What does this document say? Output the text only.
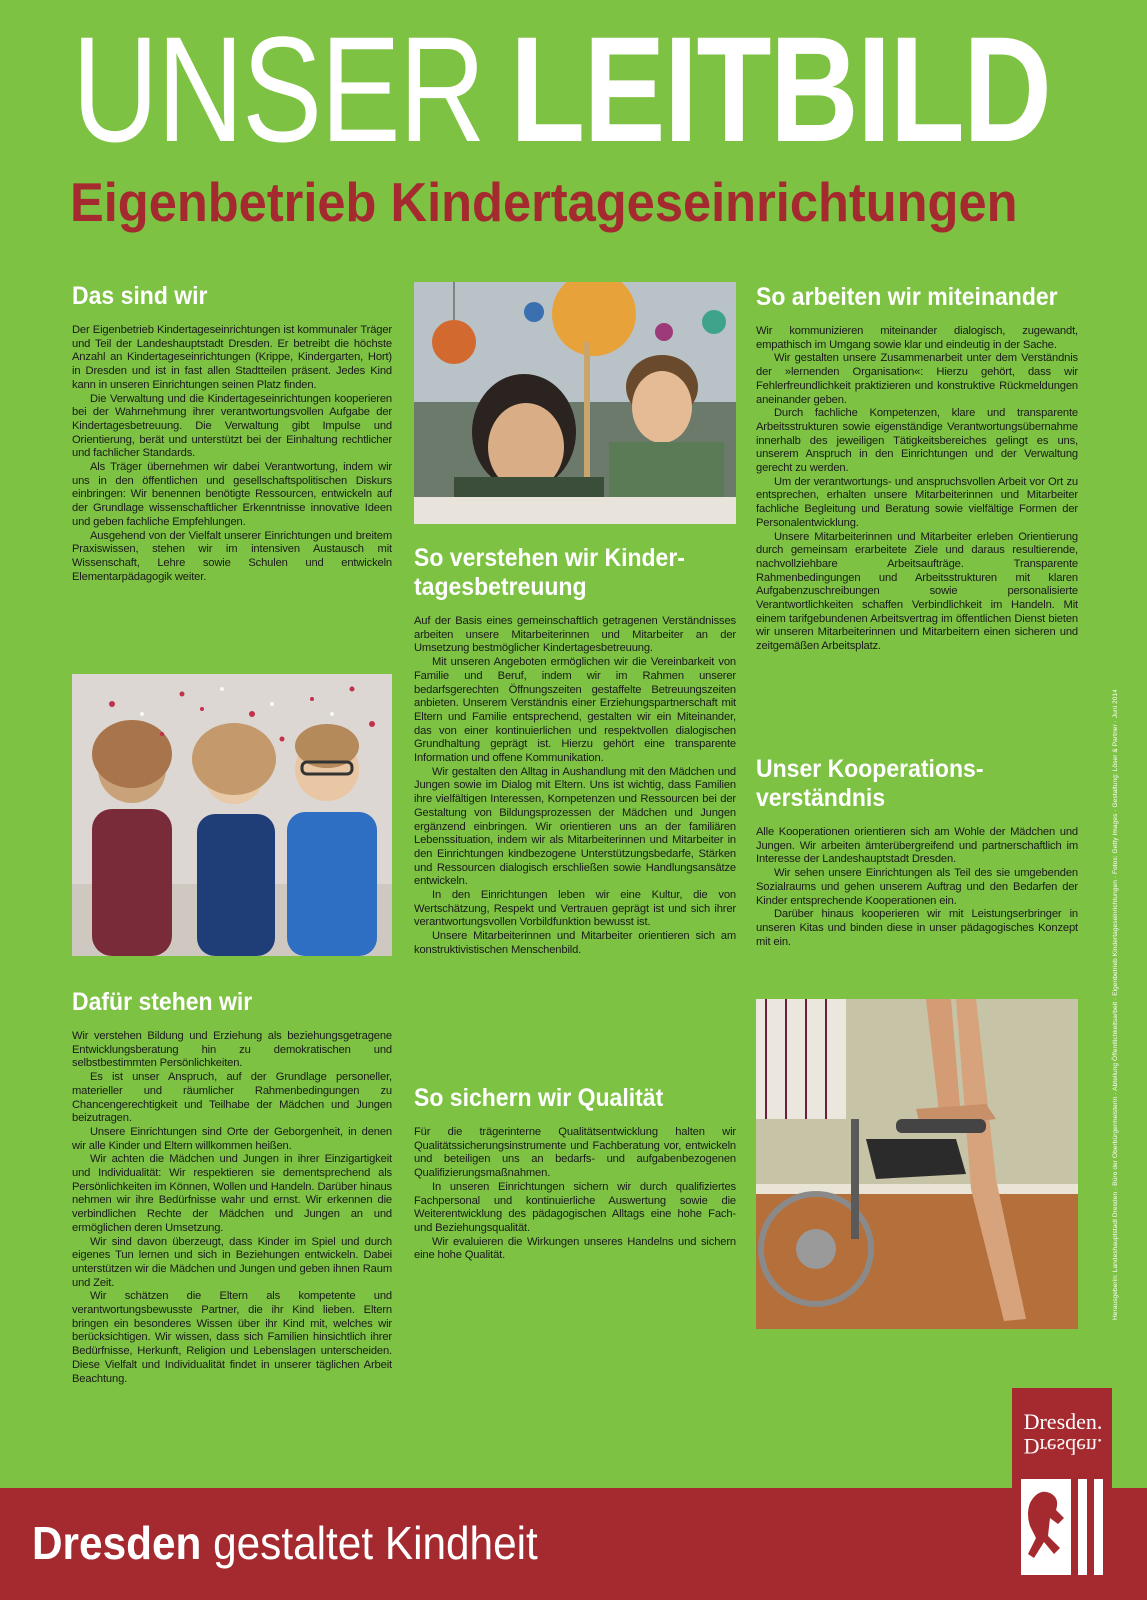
UNSER LEITBILD
Eigenbetrieb Kindertageseinrichtungen
Das sind wir

Der Eigenbetrieb Kindertageseinrichtungen ist kommunaler Träger und Teil der Landeshauptstadt Dresden. Er betreibt die höchste Anzahl an Kindertageseinrichtungen (Krippe, Kindergarten, Hort) in Dresden und ist in fast allen Stadtteilen präsent. Jedes Kind kann in unseren Einrichtungen seinen Platz finden.

Die Verwaltung und die Kindertageseinrichtungen kooperieren bei der Wahrnehmung ihrer verantwortungsvollen Aufgabe der Kindertagesbetreuung. Die Verwaltung gibt Impulse und Orientierung, berät und unterstützt bei der Einhaltung rechtlicher und fachlicher Standards.

Als Träger übernehmen wir dabei Verantwortung, indem wir uns in den öffentlichen und gesellschaftspolitischen Diskurs einbringen: Wir benennen benötigte Ressourcen, entwickeln auf der Grundlage wissenschaftlicher Erkenntnisse innovative Ideen und geben fachliche Empfehlungen.

Ausgehend von der Vielfalt unserer Einrichtungen und breitem Praxiswissen, stehen wir im intensiven Austausch mit Wissenschaft, Lehre sowie Schulen und entwickeln Elementarpädagogik weiter.

Dafür stehen wir

Wir verstehen Bildung und Erziehung als beziehungsgetragene Entwicklungsberatung hin zu demokratischen und selbstbestimmten Persönlichkeiten.

Es ist unser Anspruch, auf der Grundlage personeller, materieller und räumlicher Rahmenbedingungen zu Chancengerechtigkeit und Teilhabe der Mädchen und Jungen beizutragen.

Unsere Einrichtungen sind Orte der Geborgenheit, in denen wir alle Kinder und Eltern willkommen heißen.

Wir achten die Mädchen und Jungen in ihrer Einzigartigkeit und Individualität: Wir respektieren sie dementsprechend als Persönlichkeiten im Können, Wollen und Handeln. Darüber hinaus nehmen wir ihre Bedürfnisse wahr und ernst. Wir erkennen die verbindlichen Rechte der Mädchen und Jungen an und ermöglichen deren Umsetzung.

Wir sind davon überzeugt, dass Kinder im Spiel und durch eigenes Tun lernen und sich in Beziehungen entwickeln. Dabei unterstützen wir die Mädchen und Jungen und geben ihnen Raum und Zeit.

Wir schätzen die Eltern als kompetente und verantwortungsbewusste Partner, die ihr Kind lieben. Eltern bringen ein besonderes Wissen über ihr Kind mit, welches wir berücksichtigen. Wir wissen, dass sich Familien hinsichtlich ihrer Bedürfnisse, Herkunft, Religion und Lebenslagen unterscheiden. Diese Vielfalt und Individualität findet in unserer täglichen Arbeit Beachtung.

So verstehen wir Kinder-
tagesbetreuung

Auf der Basis eines gemeinschaftlich getragenen Verständnisses arbeiten unsere Mitarbeiterinnen und Mitarbeiter an der Umsetzung bestmöglicher Kindertagesbetreuung.

Mit unseren Angeboten ermöglichen wir die Vereinbarkeit von Familie und Beruf, indem wir im Rahmen unserer bedarfsgerechten Öffnungszeiten gestaffelte Betreuungszeiten anbieten. Unserem Verständnis einer Erziehungspartnerschaft mit Eltern und Familie entsprechend, gestalten wir ein Miteinander, das von einer kontinuierlichen und respektvollen dialogischen Grundhaltung geprägt ist. Hierzu gehört eine transparente Information und offene Kommunikation.

Wir gestalten den Alltag in Aushandlung mit den Mädchen und Jungen sowie im Dialog mit Eltern. Uns ist wichtig, dass Familien ihre vielfältigen Interessen, Kompetenzen und Ressourcen bei der Gestaltung von Bildungsprozessen der Mädchen und Jungen ergänzend einbringen. Wir orientieren uns an der familiären Lebenssituation, indem wir als Mitarbeiterinnen und Mitarbeiter in den Einrichtungen kindbezogene Unterstützungsbedarfe, Stärken und Ressourcen dialogisch erschließen sowie Handlungsansätze entwickeln.

In den Einrichtungen leben wir eine Kultur, die von Wertschätzung, Respekt und Vertrauen geprägt ist und sich ihrer verantwortungsvollen Vorbildfunktion bewusst ist.

Unsere Mitarbeiterinnen und Mitarbeiter orientieren sich am konstruktivistischen Menschenbild.

So sichern wir Qualität

Für die trägerinterne Qualitätsentwicklung halten wir Qualitätssicherungsinstrumente und Fachberatung vor, entwickeln und beteiligen uns an bedarfs- und aufgabenbezogenen Qualifizierungsmaßnahmen.

In unseren Einrichtungen sichern wir durch qualifiziertes Fachpersonal und kontinuierliche Auswertung sowie die Weiterentwicklung des pädagogischen Alltags eine hohe Fach- und Beziehungsqualität.

Wir evaluieren die Wirkungen unseres Handelns und sichern eine hohe Qualität.

So arbeiten wir miteinander

Wir kommunizieren miteinander dialogisch, zugewandt, empathisch im Umgang sowie klar und eindeutig in der Sache.

Wir gestalten unsere Zusammenarbeit unter dem Verständnis der »lernenden Organisation«: Hierzu gehört, dass wir Fehlerfreundlichkeit praktizieren und konstruktive Rückmeldungen aneinander geben.

Durch fachliche Kompetenzen, klare und transparente Arbeitsstrukturen sowie eigenständige Verantwortungsübernahme innerhalb des jeweiligen Tätigkeitsbereiches gelingt es uns, unserem Anspruch in den Einrichtungen und der Verwaltung gerecht zu werden.

Um der verantwortungs- und anspruchsvollen Arbeit vor Ort zu entsprechen, erhalten unsere Mitarbeiterinnen und Mitarbeiter fachliche Begleitung und Beratung sowie vielfältige Formen der Personalentwicklung.

Unsere Mitarbeiterinnen und Mitarbeiter erleben Orientierung durch gemeinsam erarbeitete Ziele und daraus resultierende, nachvollziehbare Arbeitsaufträge. Transparente Rahmenbedingungen und Arbeitsstrukturen mit klaren Aufgabenzuschreibungen sowie personalisierte Verantwortlichkeiten schaffen Verbindlichkeit im Handeln. Mit einem tarifgebundenen Arbeitsvertrag im öffentlichen Dienst bieten wir unseren Mitarbeiterinnen und Mitarbeitern einen sicheren und zeitgemäßen Arbeitsplatz.

Unser Kooperations-
verständnis

Alle Kooperationen orientieren sich am Wohle der Mädchen und Jungen. Wir arbeiten ämterübergreifend und partnerschaftlich im Interesse der Landeshauptstadt Dresden.

Wir sehen unsere Einrichtungen als Teil des sie umgebenden Sozialraums und gehen unserem Auftrag und den Bedarfen der Kinder entsprechende Kooperationen ein.

Darüber hinaus kooperieren wir mit Leistungserbringer in unseren Kitas und binden diese in unser pädagogisches Konzept mit ein.	Herausgeberin: Landeshauptstadt Dresden · Büro der Oberbürgermeisterin · Abteilung Öffentlichkeitsarbeit · Eigenbetrieb Kindertageseinrichtungen · Fotos: Getty Images · Gestaltung: Löser & Partner · Juni 2014
Dresden gestaltet Kindheit
Dresden.
Dresden.
